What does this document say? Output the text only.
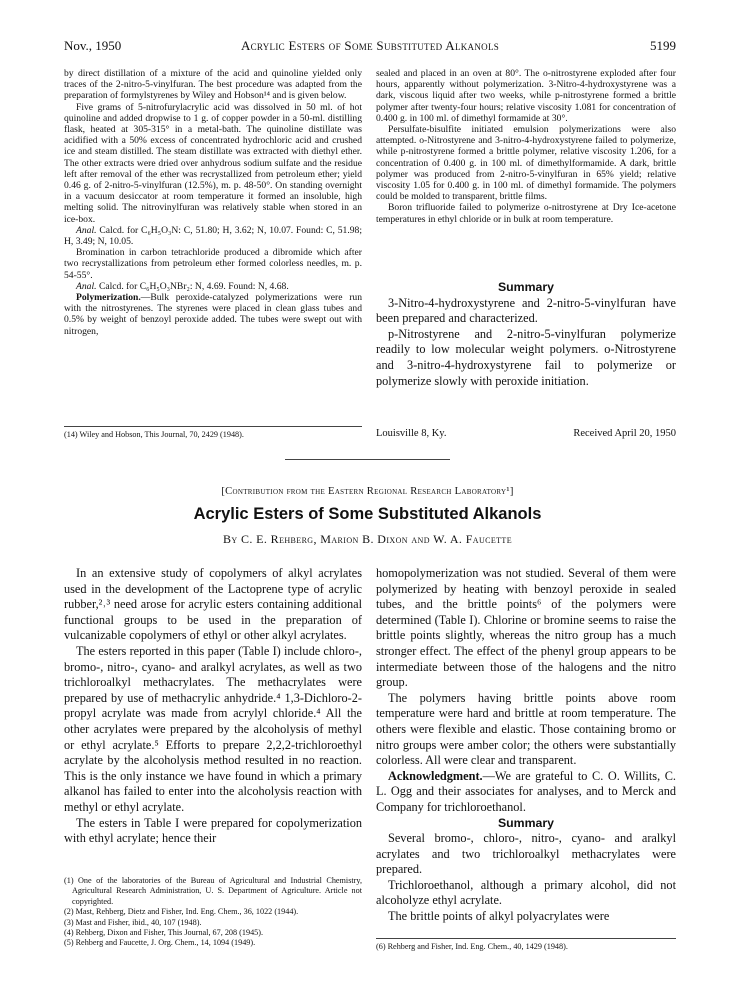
Nov., 1950	Acrylic Esters of Some Substituted Alkanols	5199

by direct distillation of a mixture of the acid and quinoline yielded only traces of the 2-nitro-5-vinylfuran. The best procedure was adapted from the preparation of formylstyrenes by Wiley and Hobson¹⁴ and is given below.

Five grams of 5-nitrofurylacrylic acid was dissolved in 50 ml. of hot quinoline and added dropwise to 1 g. of copper powder in a 50-ml. distilling flask, heated at 305-315° in a metal-bath. The quinoline distillate was acidified with a 50% excess of concentrated hydrochloric acid and crushed ice and steam distilled. The steam distillate was extracted with diethyl ether. The other extracts were dried over anhydrous sodium sulfate and the residue left after removal of the ether was recrystallized from petroleum ether; yield 0.46 g. of 2-nitro-5-vinylfuran (12.5%), m. p. 48-50°. On standing overnight in a vacuum desiccator at room temperature it formed an insoluble, high melting solid. The nitrovinylfuran was relatively stable when stored in an ice-box.

Anal. Calcd. for C₆H₅O₃N: C, 51.80; H, 3.62; N, 10.07. Found: C, 51.98; H, 3.49; N, 10.05.

Bromination in carbon tetrachloride produced a dibromide which after two recrystallizations from petroleum ether formed colorless needles, m. p. 54-55°.

Anal. Calcd. for C₆H₅O₃NBr₂: N, 4.69. Found: N, 4.68.

Polymerization.—Bulk peroxide-catalyzed polymerizations were run with the nitrostyrenes. The styrenes were placed in clean glass tubes and 0.5% by weight of benzoyl peroxide added. The tubes were swept out with nitrogen,

(14) Wiley and Hobson, This Journal, 70, 2429 (1948).

sealed and placed in an oven at 80°. The o-nitrostyrene exploded after four hours, apparently without polymerization. 3-Nitro-4-hydroxystyrene was a dark, viscous liquid after two weeks, while p-nitrostyrene formed a brittle polymer after twenty-four hours; relative viscosity 1.081 for concentration of 0.400 g. in 100 ml. of dimethyl formamide at 30°.

Persulfate-bisulfite initiated emulsion polymerizations were also attempted. o-Nitrostyrene and 3-nitro-4-hydroxystyrene failed to polymerize, while p-nitrostyrene formed a brittle polymer, relative viscosity 1.206, for a concentration of 0.400 g. in 100 ml. of dimethylformamide. A dark, brittle polymer was produced from 2-nitro-5-vinylfuran in 65% yield; relative viscosity 1.05 for 0.400 g. in 100 ml. of dimethyl formamide. The polymers could be molded to transparent, brittle films.

Boron trifluoride failed to polymerize o-nitrostyrene at Dry Ice-acetone temperatures in ethyl chloride or in bulk at room temperature.

Summary

3-Nitro-4-hydroxystyrene and 2-nitro-5-vinylfuran have been prepared and characterized.

p-Nitrostyrene and 2-nitro-5-vinylfuran polymerize readily to low molecular weight polymers. o-Nitrostyrene and 3-nitro-4-hydroxystyrene fail to polymerize or polymerize slowly with peroxide initiation.

Louisville 8, Ky.	Received April 20, 1950
[Contribution from the Eastern Regional Research Laboratory¹]
Acrylic Esters of Some Substituted Alkanols
By C. E. Rehberg, Marion B. Dixon and W. A. Faucette

In an extensive study of copolymers of alkyl acrylates used in the development of the Lactoprene type of acrylic rubber,²˒³ need arose for acrylic esters containing additional functional groups to be used in the preparation of vulcanizable copolymers of ethyl or other alkyl acrylates.

The esters reported in this paper (Table I) include chloro-, bromo-, nitro-, cyano- and aralkyl acrylates, as well as two trichloroalkyl methacrylates. The methacrylates were prepared by use of methacrylic anhydride.⁴ 1,3-Dichloro-2-propyl acrylate was made from acrylyl chloride.⁴ All the other acrylates were prepared by the alcoholysis of methyl or ethyl acrylate.⁵ Efforts to prepare 2,2,2-trichloroethyl acrylate by the alcoholysis method resulted in no reaction. This is the only instance we have found in which a primary alkanol has failed to enter into the alcoholysis reaction with methyl or ethyl acrylate.

The esters in Table I were prepared for copolymerization with ethyl acrylate; hence their

(1) One of the laboratories of the Bureau of Agricultural and Industrial Chemistry, Agricultural Research Administration, U. S. Department of Agriculture. Article not copyrighted.

(2) Mast, Rehberg, Dietz and Fisher, Ind. Eng. Chem., 36, 1022 (1944).

(3) Mast and Fisher, ibid., 40, 107 (1948).

(4) Rehberg, Dixon and Fisher, This Journal, 67, 208 (1945).

(5) Rehberg and Faucette, J. Org. Chem., 14, 1094 (1949).

homopolymerization was not studied. Several of them were polymerized by heating with benzoyl peroxide in sealed tubes, and the brittle points⁶ of the polymers were determined (Table I). Chlorine or bromine seems to raise the brittle points slightly, whereas the nitro group has a much stronger effect. The effect of the phenyl group appears to be intermediate between those of the halogens and the nitro group.

The polymers having brittle points above room temperature were hard and brittle at room temperature. The others were flexible and elastic. Those containing bromo or nitro groups were amber color; the others were substantially colorless. All were clear and transparent.

Acknowledgment.—We are grateful to C. O. Willits, C. L. Ogg and their associates for analyses, and to Merck and Company for trichloroethanol.

Summary

Several bromo-, chloro-, nitro-, cyano- and aralkyl acrylates and two trichloroalkyl methacrylates were prepared.

Trichloroethanol, although a primary alcohol, did not alcoholyze ethyl acrylate.

The brittle points of alkyl polyacrylates were

(6) Rehberg and Fisher, Ind. Eng. Chem., 40, 1429 (1948).
